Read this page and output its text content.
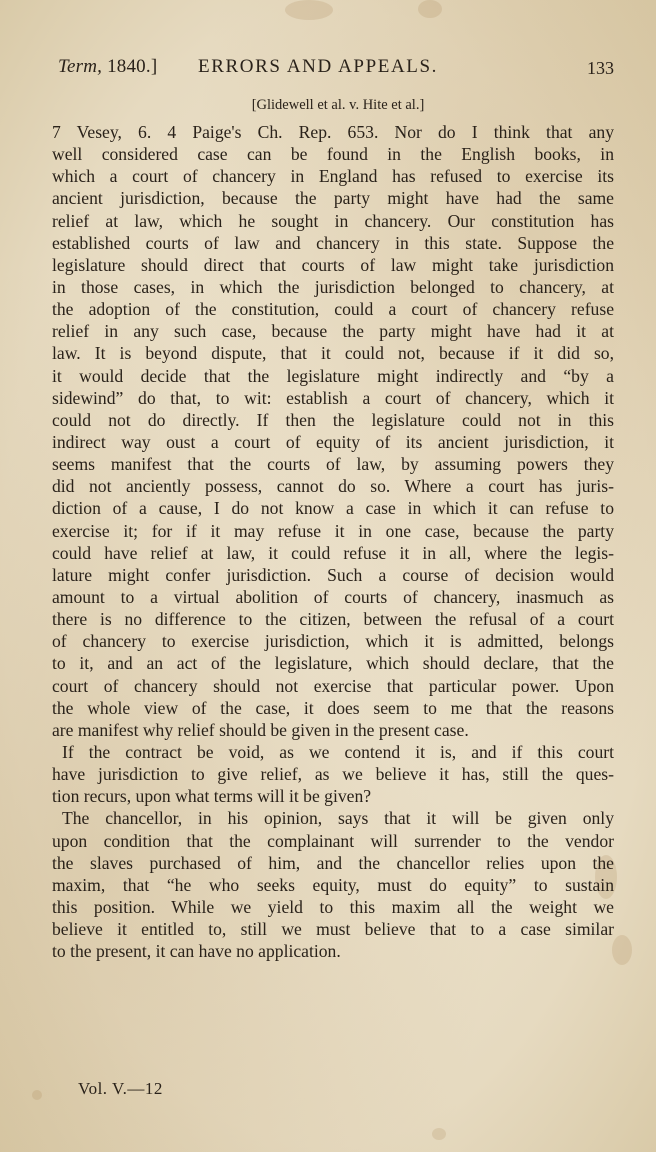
Term, 1840.] ERRORS AND APPEALS.	133
[Glidewell et al. v. Hite et al.]
7 Vesey, 6. 4 Paige's Ch. Rep. 653. Nor do I think that any
well considered case can be found in the English books, in
which a court of chancery in England has refused to exercise its
ancient jurisdiction, because the party might have had the same
relief at law, which he sought in chancery. Our constitution has
established courts of law and chancery in this state. Suppose the
legislature should direct that courts of law might take jurisdiction
in those cases, in which the jurisdiction belonged to chancery, at
the adoption of the constitution, could a court of chancery refuse
relief in any such case, because the party might have had it at
law. It is beyond dispute, that it could not, because if it did so,
it would decide that the legislature might indirectly and “by a
sidewind” do that, to wit: establish a court of chancery, which it
could not do directly. If then the legislature could not in this
indirect way oust a court of equity of its ancient jurisdiction, it
seems manifest that the courts of law, by assuming powers they
did not anciently possess, cannot do so. Where a court has juris-
diction of a cause, I do not know a case in which it can refuse to
exercise it; for if it may refuse it in one case, because the party
could have relief at law, it could refuse it in all, where the legis-
lature might confer jurisdiction. Such a course of decision would
amount to a virtual abolition of courts of chancery, inasmuch as
there is no difference to the citizen, between the refusal of a court
of chancery to exercise jurisdiction, which it is admitted, belongs
to it, and an act of the legislature, which should declare, that the
court of chancery should not exercise that particular power. Upon
the whole view of the case, it does seem to me that the reasons
are manifest why relief should be given in the present case.
If the contract be void, as we contend it is, and if this court
have jurisdiction to give relief, as we believe it has, still the ques-
tion recurs, upon what terms will it be given?
The chancellor, in his opinion, says that it will be given only
upon condition that the complainant will surrender to the vendor
the slaves purchased of him, and the chancellor relies upon the
maxim, that “he who seeks equity, must do equity” to sustain
this position. While we yield to this maxim all the weight we
believe it entitled to, still we must believe that to a case similar
to the present, it can have no application.
Vol. V.—12
